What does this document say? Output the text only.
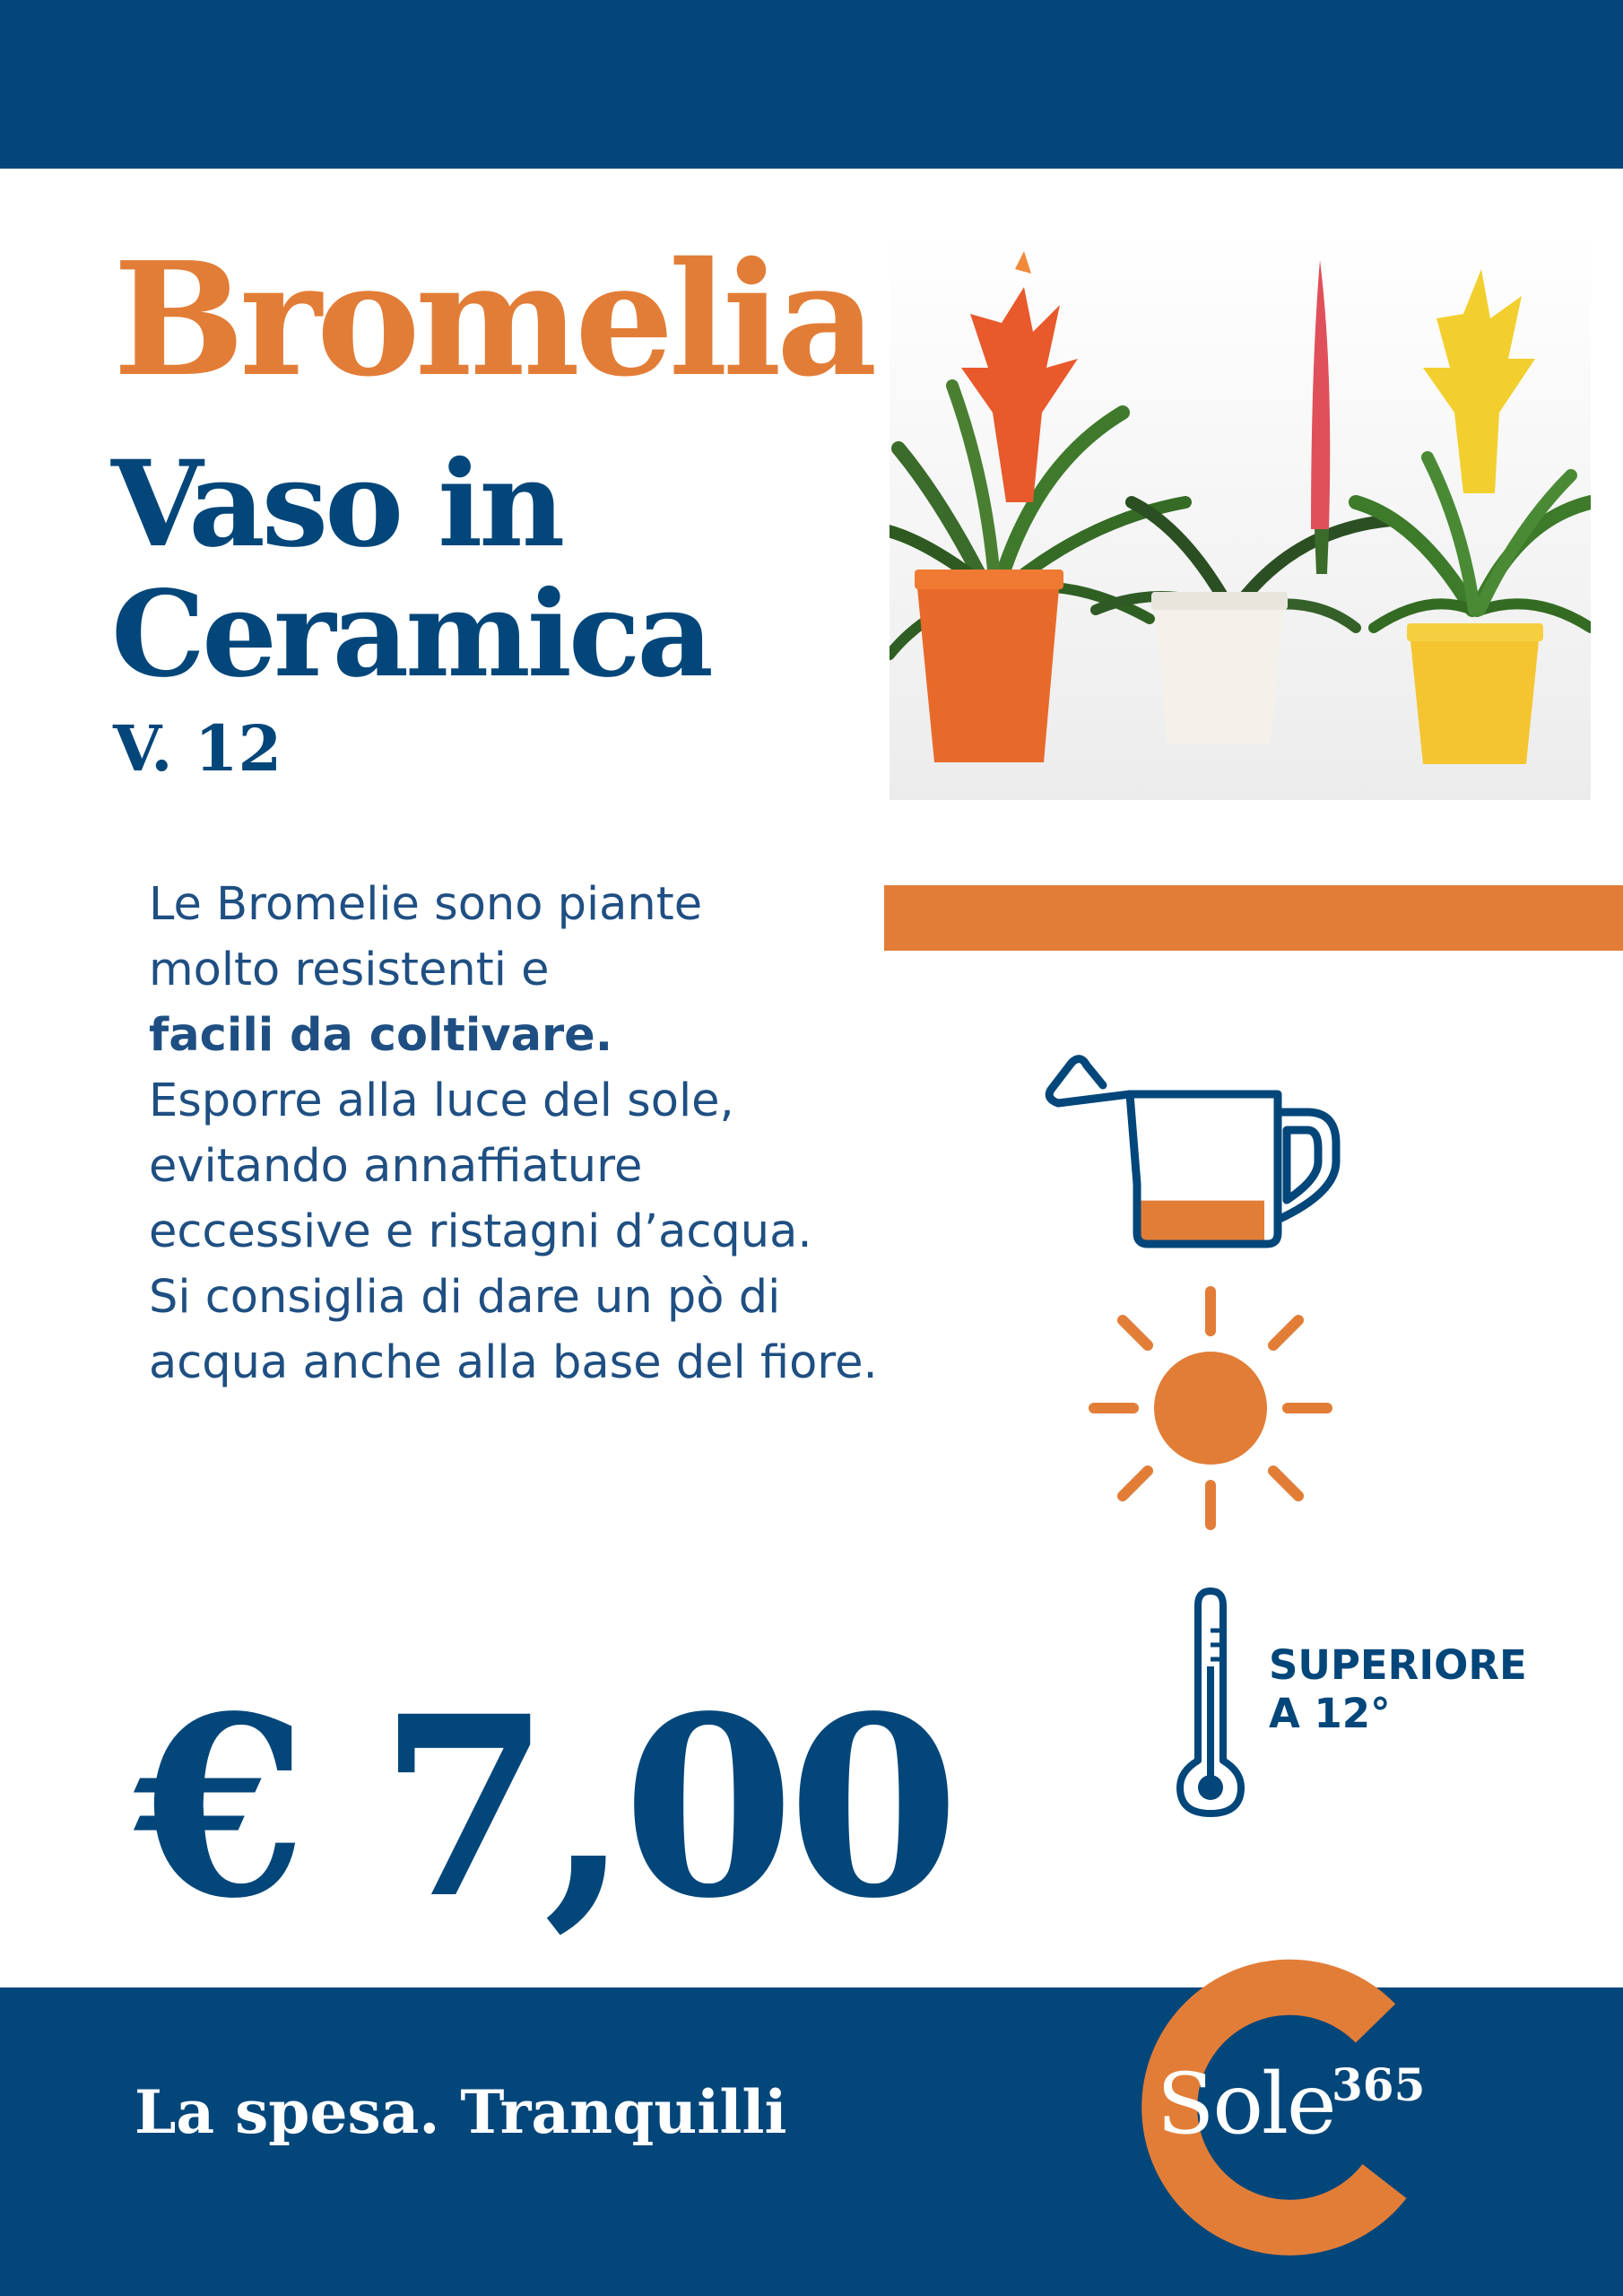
Bromelia
Vaso in
Ceramica
V. 12
Le Bromelie sono piante
molto resistenti e
facili da coltivare.
Esporre alla luce del sole,
evitando annaffiature
eccessive e ristagni d’acqua.
Si consiglia di dare un pò di
acqua anche alla base del fiore.
SUPERIORE
A 12°
€ 7,00
La spesa. Tranquilli	Sole
365
